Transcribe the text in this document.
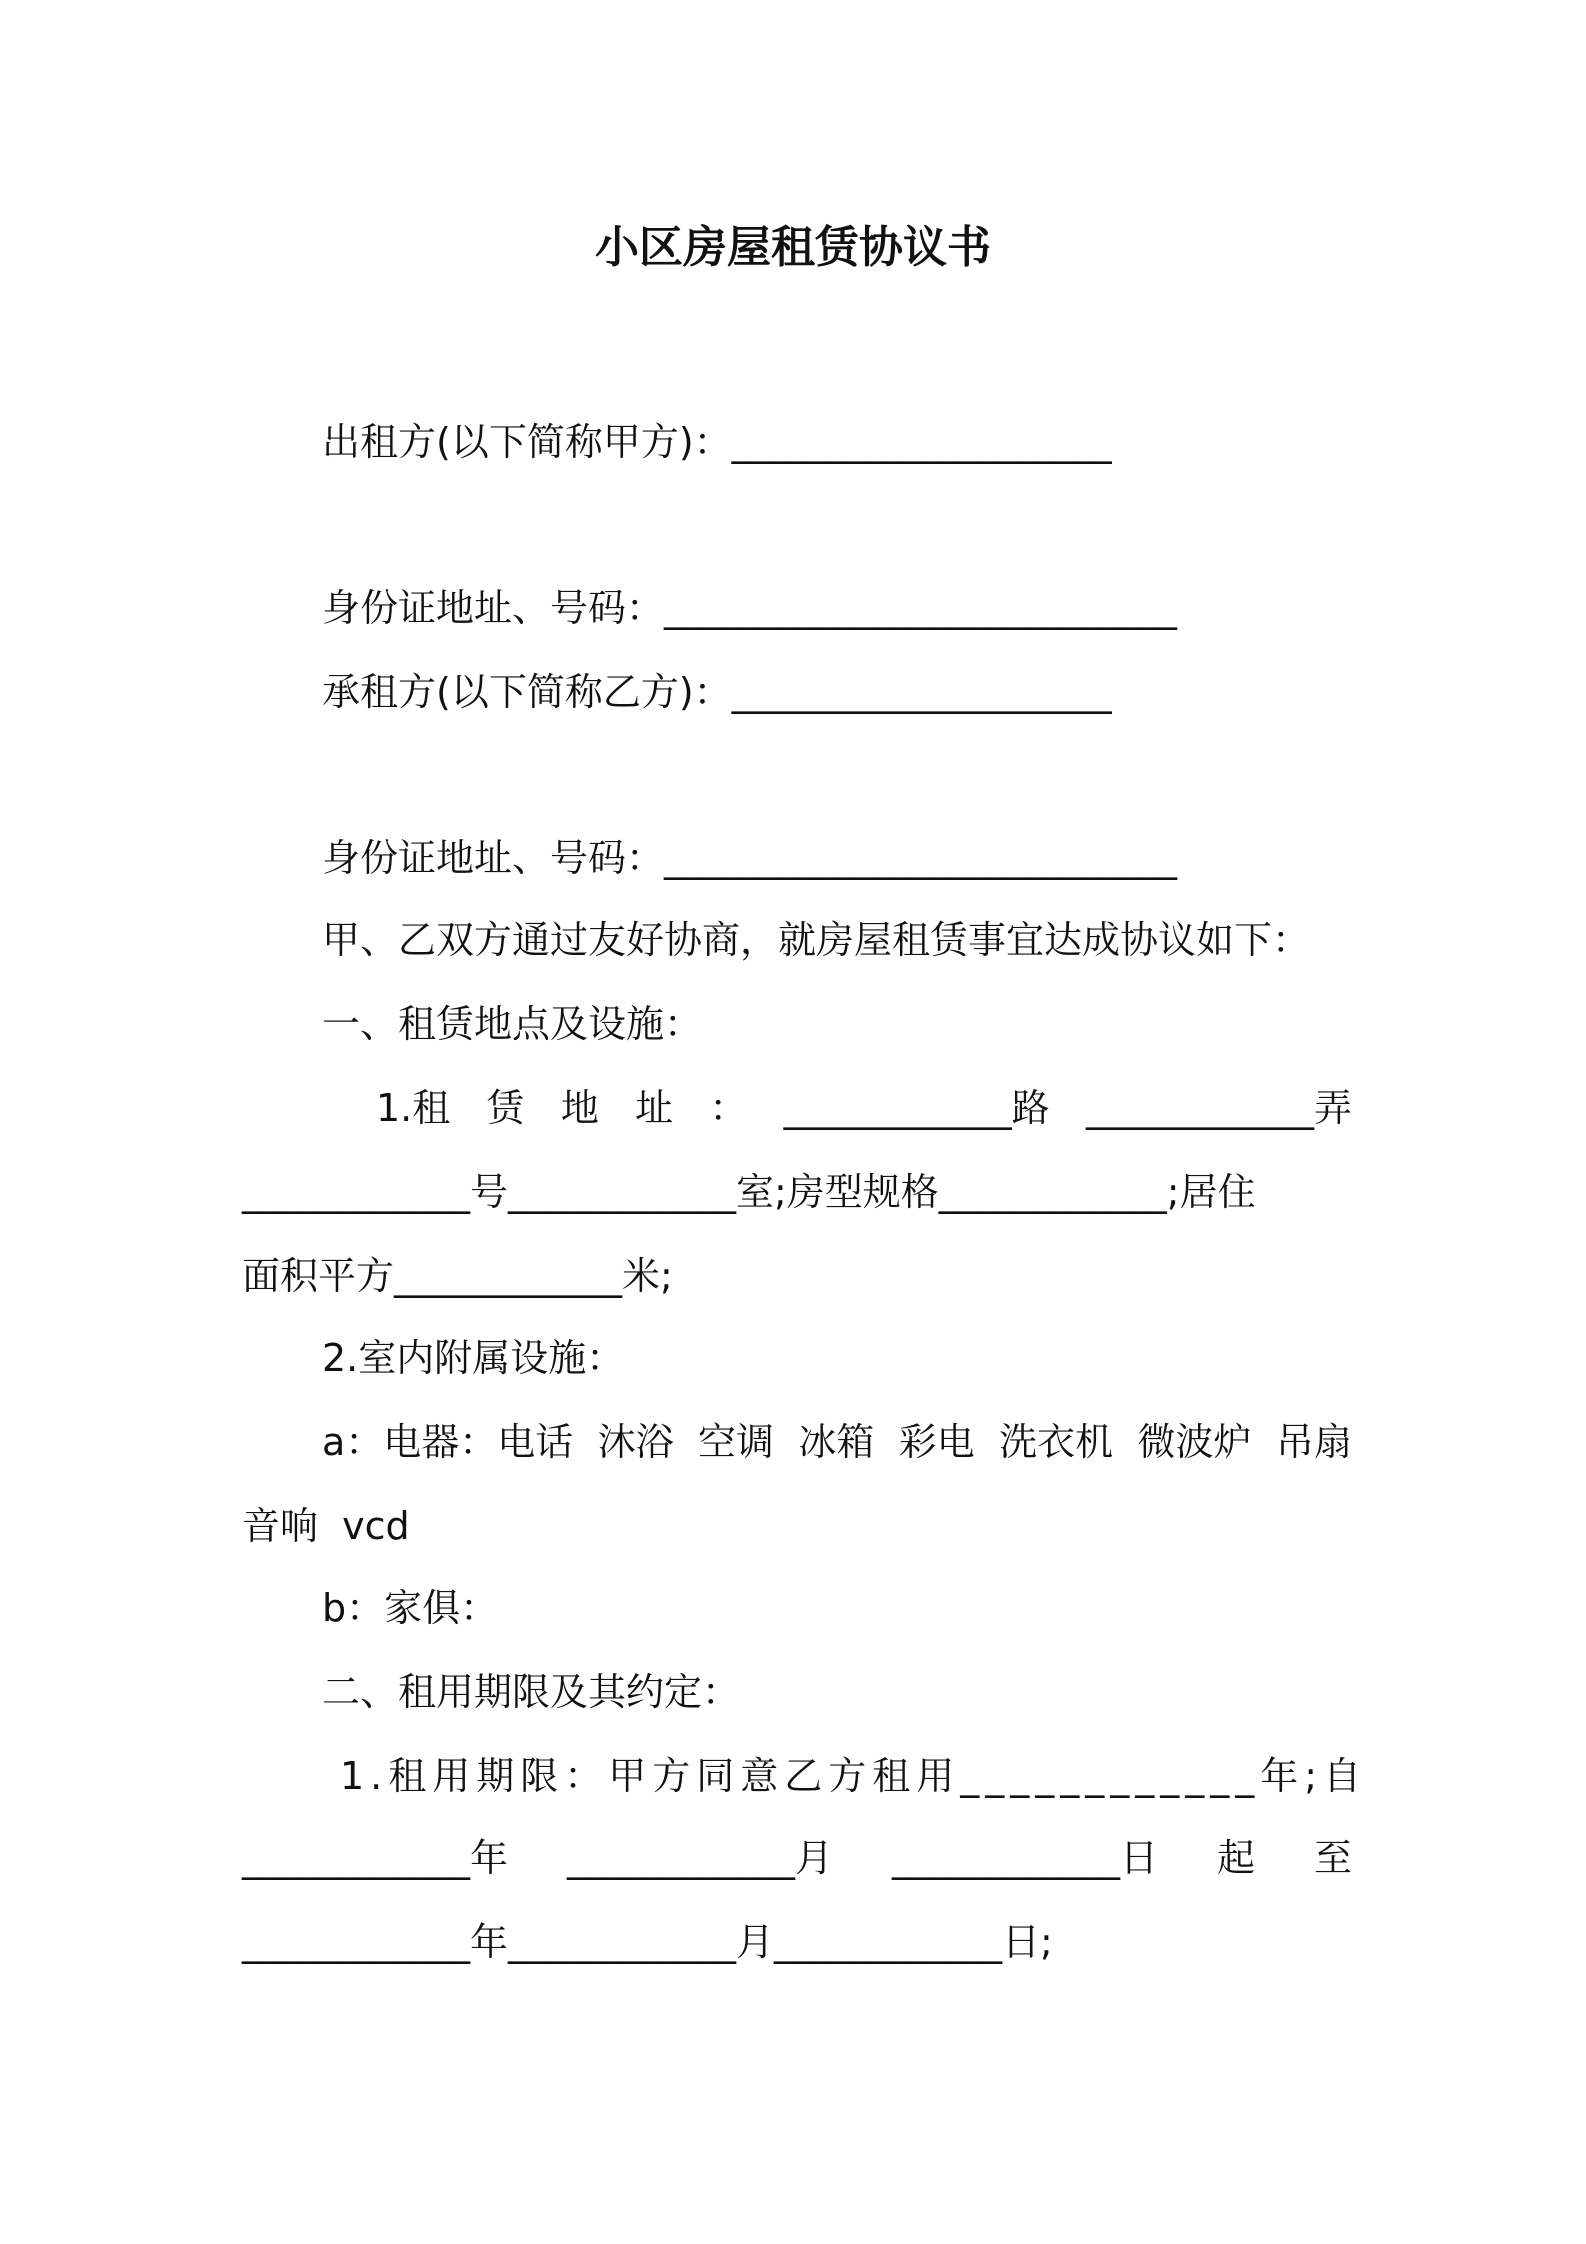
小区房屋租赁协议书
出租方(以下简称甲方)：____________________
身份证地址、号码：___________________________
承租方(以下简称乙方)：____________________
身份证地址、号码：___________________________
甲、乙双方通过友好协商，就房屋租赁事宜达成协议如下：
一、租赁地点及设施：
1.租 赁 地 址 ： ____________路 ____________弄
____________号____________室;房型规格____________;居住
面积平方____________米;
2.室内附属设施：
a：电器：电话 沐浴 空调 冰箱 彩电 洗衣机 微波炉 吊扇
音响  vcd
b：家俱：
二、租用期限及其约定：
1.租用期限： 甲方同意乙方租用____________年;自
____________年 ____________月 ____________日 起 至
____________年____________月____________日;
